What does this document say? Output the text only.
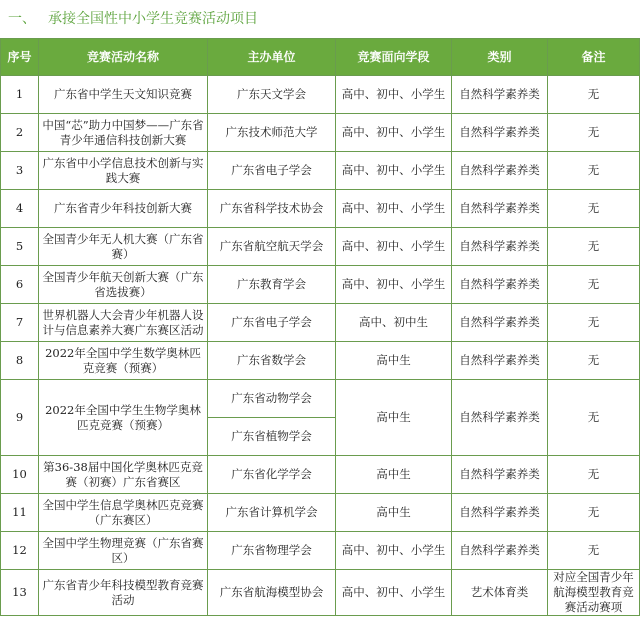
一、 承接全国性中小学生竞赛活动项目
序号	竞赛活动名称	主办单位	竞赛面向学段	类别	备注
1	广东省中学生天文知识竞赛	广东天文学会	高中、初中、小学生	自然科学素养类	无
2	中国“芯”助力中国梦——广东省青少年通信科技创新大赛	广东技术师范大学	高中、初中、小学生	自然科学素养类	无
3	广东省中小学信息技术创新与实践大赛	广东省电子学会	高中、初中、小学生	自然科学素养类	无
4	广东省青少年科技创新大赛	广东省科学技术协会	高中、初中、小学生	自然科学素养类	无
5	全国青少年无人机大赛（广东省赛）	广东省航空航天学会	高中、初中、小学生	自然科学素养类	无
6	全国青少年航天创新大赛（广东省选拔赛）	广东教育学会	高中、初中、小学生	自然科学素养类	无
7	世界机器人大会青少年机器人设计与信息素养大赛广东赛区活动	广东省电子学会	高中、初中生	自然科学素养类	无
8	2022年全国中学生数学奥林匹克竞赛（预赛）	广东省数学会	高中生	自然科学素养类	无
9	2022年全国中学生生物学奥林匹克竞赛（预赛）	广东省动物学会	高中生	自然科学素养类	无
		广东省植物学会			
10	第36-38届中国化学奥林匹克竞赛（初赛）广东省赛区	广东省化学学会	高中生	自然科学素养类	无
11	全国中学生信息学奥林匹克竞赛（广东赛区）	广东省计算机学会	高中生	自然科学素养类	无
12	全国中学生物理竞赛（广东省赛区）	广东省物理学会	高中、初中、小学生	自然科学素养类	无
13	广东省青少年科技模型教育竞赛活动	广东省航海模型协会	高中、初中、小学生	艺术体育类	对应全国青少年航海模型教育竞赛活动赛项
